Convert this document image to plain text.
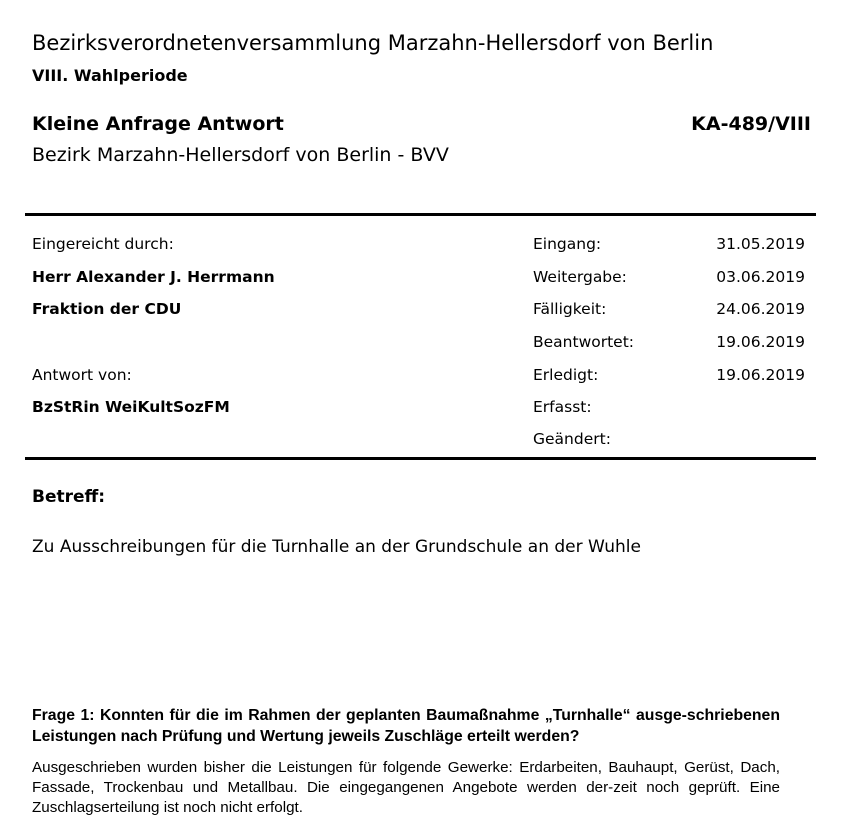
Bezirksverordnetenversammlung Marzahn-Hellersdorf von Berlin
VIII. Wahlperiode
Kleine Anfrage Antwort
Bezirk Marzahn-Hellersdorf von Berlin - BVV
KA-489/VIII
Eingereicht durch:
Herr Alexander J. Herrmann
Fraktion der CDU
Antwort von:
BzStRin WeiKultSozFM
Eingang:	31.05.2019
Weitergabe:	03.06.2019
Fälligkeit:	24.06.2019
Beantwortet:	19.06.2019
Erledigt:	19.06.2019
Erfasst:
Geändert:
Betreff:
Zu Ausschreibungen für die Turnhalle an der Grundschule an der Wuhle
Frage 1: Konnten für die im Rahmen der geplanten Baumaßnahme „Turnhalle“ ausge-schriebenen Leistungen nach Prüfung und Wertung jeweils Zuschläge erteilt werden?
Ausgeschrieben wurden bisher die Leistungen für folgende Gewerke: Erdarbeiten, Bauhaupt, Gerüst, Dach, Fassade, Trockenbau und Metallbau. Die eingegangenen Angebote werden der-zeit noch geprüft. Eine Zuschlagserteilung ist noch nicht erfolgt.
